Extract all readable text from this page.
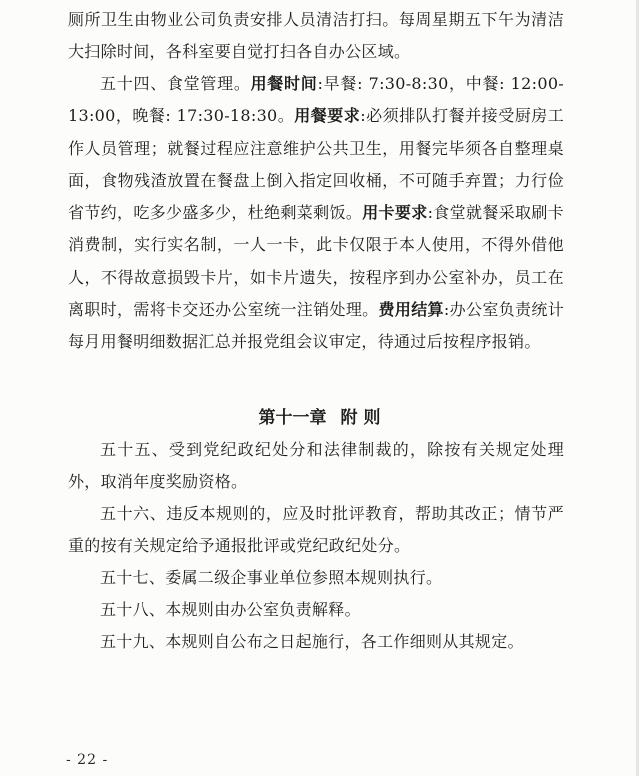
厕所卫生由物业公司负责安排人员清洁打扫。每周星期五下午为清洁大扫除时间，各科室要自觉打扫各自办公区域。

五十四、食堂管理。用餐时间:早餐: 7:30-8:30，中餐: 12:00-13:00，晚餐: 17:30-18:30。用餐要求:必须排队打餐并接受厨房工作人员管理；就餐过程应注意维护公共卫生，用餐完毕须各自整理桌面，食物残渣放置在餐盘上倒入指定回收桶，不可随手弃置；力行俭省节约，吃多少盛多少，杜绝剩菜剩饭。用卡要求:食堂就餐采取刷卡消费制，实行实名制，一人一卡，此卡仅限于本人使用，不得外借他人，不得故意损毁卡片，如卡片遗失，按程序到办公室补办，员工在离职时，需将卡交还办公室统一注销处理。费用结算:办公室负责统计每月用餐明细数据汇总并报党组会议审定，待通过后按程序报销。

第十一章 附 则

五十五、受到党纪政纪处分和法律制裁的，除按有关规定处理外，取消年度奖励资格。

五十六、违反本规则的，应及时批评教育，帮助其改正；情节严重的按有关规定给予通报批评或党纪政纪处分。

五十七、委属二级企事业单位参照本规则执行。

五十八、本规则由办公室负责解释。

五十九、本规则自公布之日起施行，各工作细则从其规定。

- 22 -
